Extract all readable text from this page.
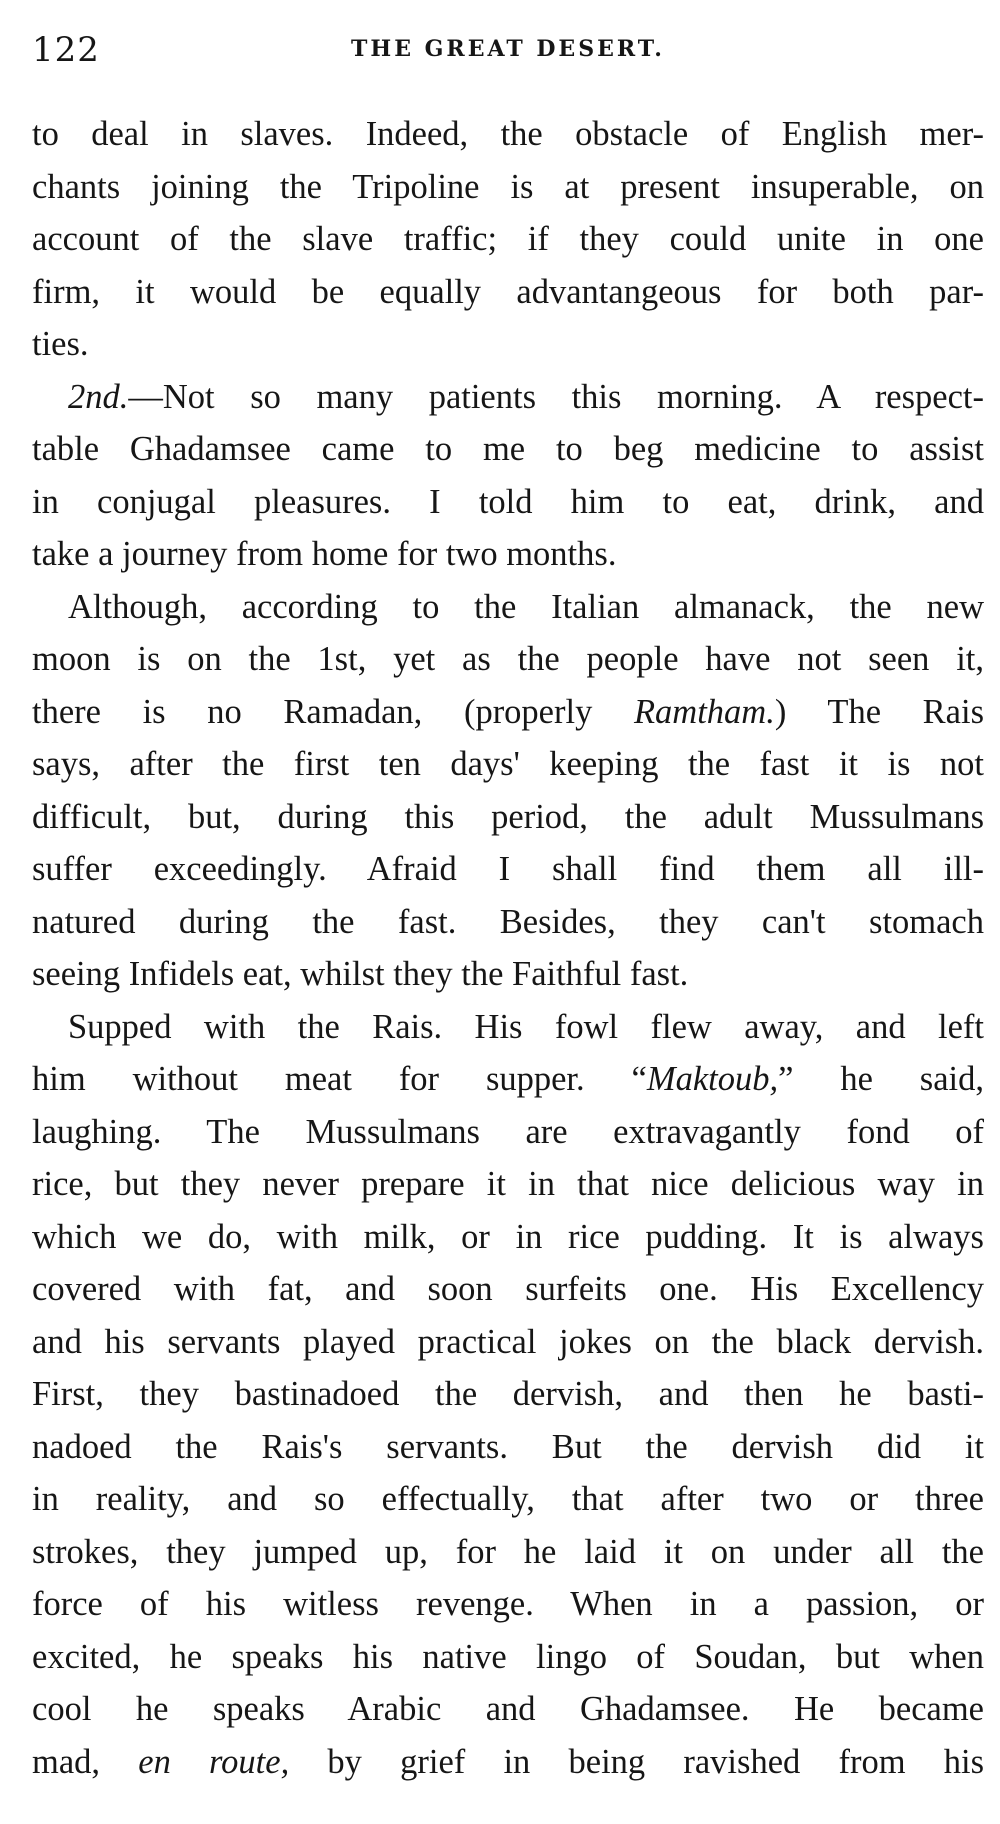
122	THE GREAT DESERT.
to deal in slaves. Indeed, the obstacle of English mer-
chants joining the Tripoline is at present insuperable, on
account of the slave traffic; if they could unite in one
firm, it would be equally advantangeous for both par-
ties.
2nd.—Not so many patients this morning. A respect-
table Ghadamsee came to me to beg medicine to assist
in conjugal pleasures. I told him to eat, drink, and
take a journey from home for two months.
Although, according to the Italian almanack, the new
moon is on the 1st, yet as the people have not seen it,
there is no Ramadan, (properly Ramtham.) The Rais
says, after the first ten days' keeping the fast it is not
difficult, but, during this period, the adult Mussulmans
suffer exceedingly. Afraid I shall find them all ill-
natured during the fast. Besides, they can't stomach
seeing Infidels eat, whilst they the Faithful fast.
Supped with the Rais. His fowl flew away, and left
him without meat for supper. “Maktoub,” he said,
laughing. The Mussulmans are extravagantly fond of
rice, but they never prepare it in that nice delicious way in
which we do, with milk, or in rice pudding. It is always
covered with fat, and soon surfeits one. His Excellency
and his servants played practical jokes on the black dervish.
First, they bastinadoed the dervish, and then he basti-
nadoed the Rais's servants. But the dervish did it
in reality, and so effectually, that after two or three
strokes, they jumped up, for he laid it on under all the
force of his witless revenge. When in a passion, or
excited, he speaks his native lingo of Soudan, but when
cool he speaks Arabic and Ghadamsee. He became
mad, en route, by grief in being ravished from his
